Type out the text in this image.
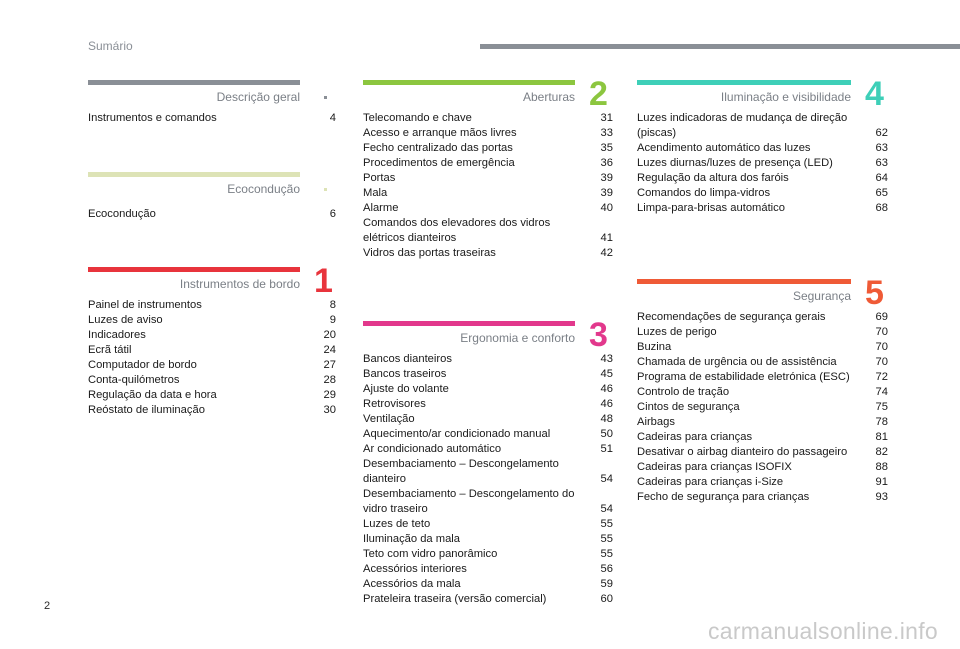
Sumário
Descrição geral
Instrumentos e comandos	4
Ecocondução
Ecocondução	6
Instrumentos de bordo 1
Painel de instrumentos	8
Luzes de aviso	9
Indicadores	20
Ecrã tátil	24
Computador de bordo	27
Conta-quilómetros	28
Regulação da data e hora	29
Reóstato de iluminação	30
Aberturas 2
Telecomando e chave	31
Acesso e arranque mãos livres	33
Fecho centralizado das portas	35
Procedimentos de emergência	36
Portas	39
Mala	39
Alarme	40
Comandos dos elevadores dos vidros elétricos dianteiros	41
Vidros das portas traseiras	42
Ergonomia e conforto 3
Bancos dianteiros	43
Bancos traseiros	45
Ajuste do volante	46
Retrovisores	46
Ventilação	48
Aquecimento/ar condicionado manual	50
Ar condicionado automático	51
Desembaciamento – Descongelamento dianteiro	54
Desembaciamento – Descongelamento do vidro traseiro	54
Luzes de teto	55
Iluminação da mala	55
Teto com vidro panorâmico	55
Acessórios interiores	56
Acessórios da mala	59
Prateleira traseira (versão comercial)	60
Iluminação e visibilidade 4
Luzes indicadoras de mudança de direção (piscas)	62
Acendimento automático das luzes	63
Luzes diurnas/luzes de presença (LED)	63
Regulação da altura dos faróis	64
Comandos do limpa-vidros	65
Limpa-para-brisas automático	68
Segurança 5
Recomendações de segurança gerais	69
Luzes de perigo	70
Buzina	70
Chamada de urgência ou de assistência	70
Programa de estabilidade eletrónica (ESC)	72
Controlo de tração	74
Cintos de segurança	75
Airbags	78
Cadeiras para crianças	81
Desativar o airbag dianteiro do passageiro	82
Cadeiras para crianças ISOFIX	88
Cadeiras para crianças i-Size	91
Fecho de segurança para crianças	93
2
carmanualsonline.info
